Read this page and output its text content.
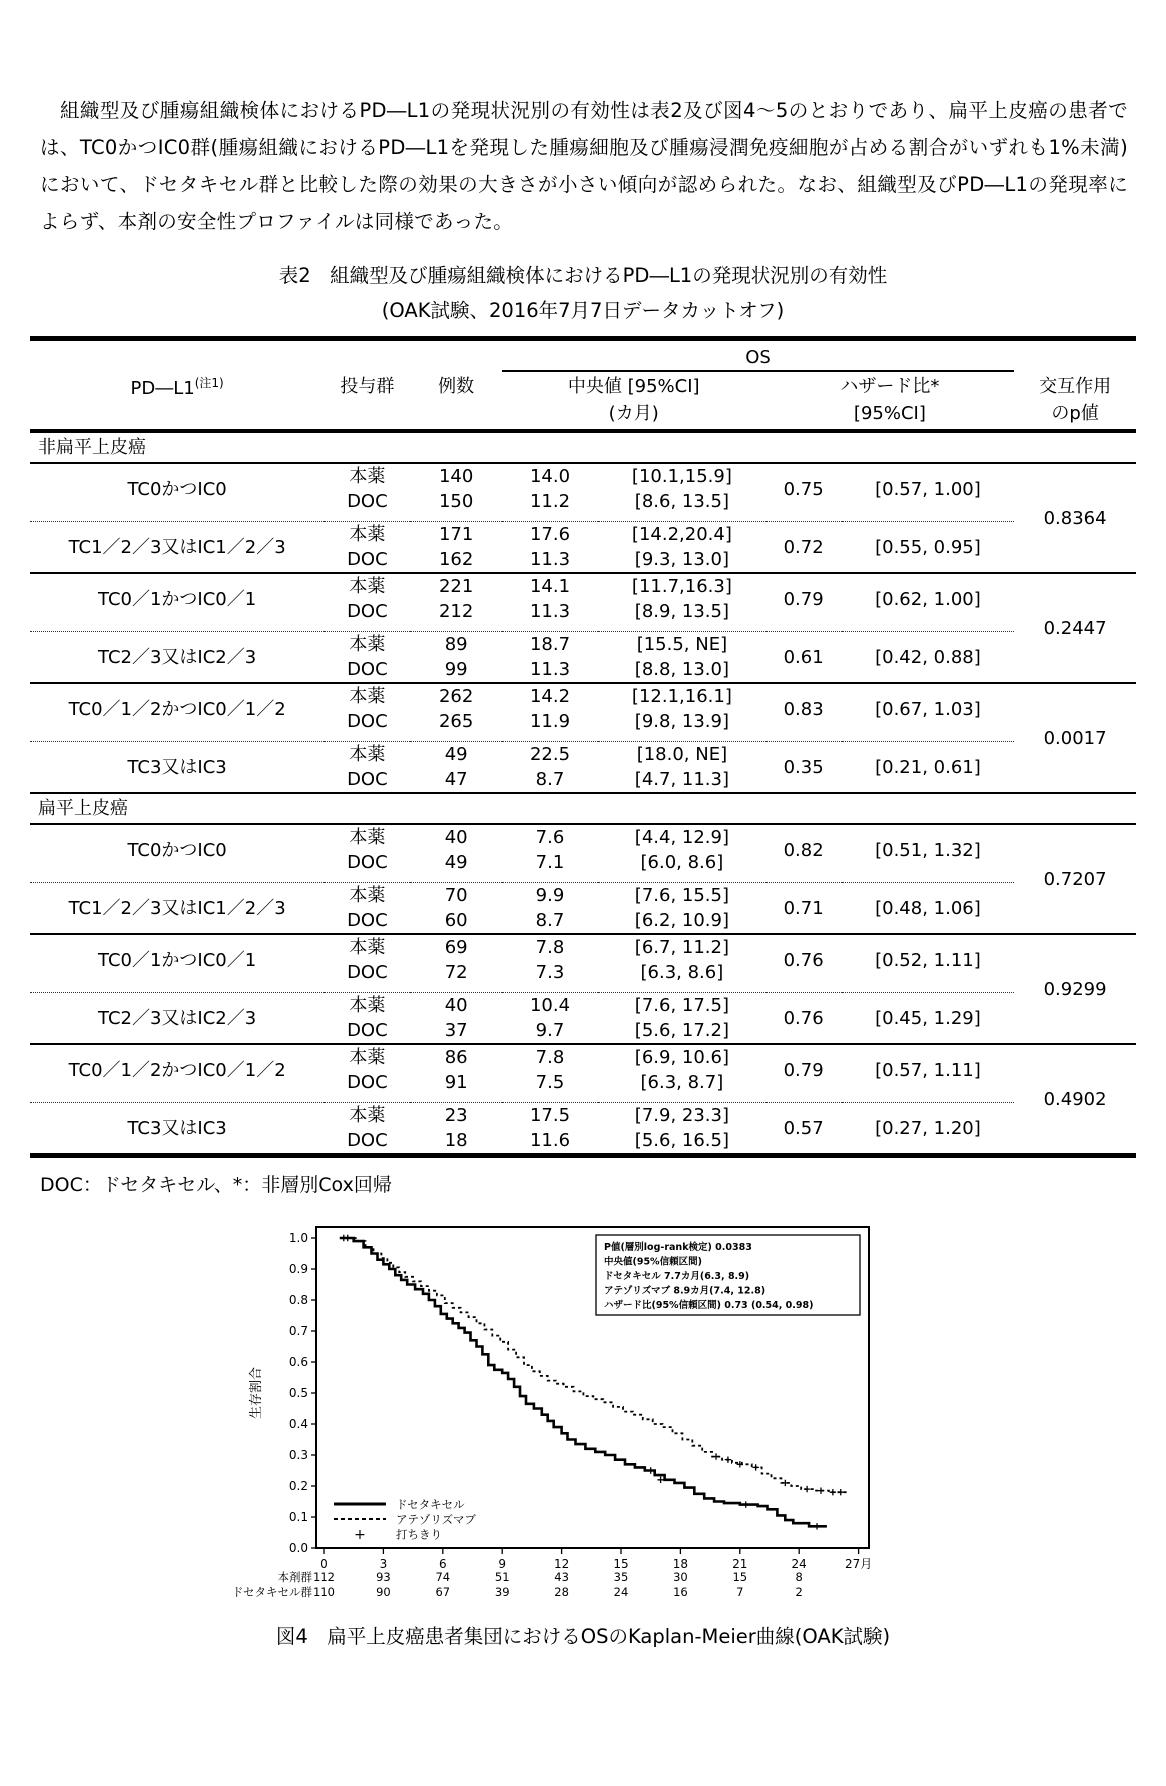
　組織型及び腫瘍組織検体におけるPD―L1の発現状況別の有効性は表2及び図4〜5のとおりであり、扁平上皮癌の患者では、TC0かつIC0群(腫瘍組織におけるPD―L1を発現した腫瘍細胞及び腫瘍浸潤免疫細胞が占める割合がいずれも1%未満)において、ドセタキセル群と比較した際の効果の大きさが小さい傾向が認められた。なお、組織型及びPD―L1の発現率によらず、本剤の安全性プロファイルは同様であった。

表2　組織型及び腫瘍組織検体におけるPD―L1の発現状況別の有効性
(OAK試験、2016年7月7日データカットオフ)
			OS				
$PD―L1^{(注1)}$	投与群	例数	中央値 [95%CI]		ハザード比*		交互作用
			(カ月)		[95%CI]		のp値
非扁平上皮癌							
TC0かつIC0	本薬	140	14.0	[10.1,15.9]	0.75	[0.57, 1.00]	0.8364
	DOC	150	11.2	[8.6, 13.5]			

TC1／2／3又はIC1／2／3	本薬	171	17.6	[14.2,20.4]	0.72	[0.55, 0.95]	
	DOC	162	11.3	[9.3, 13.0]			
TC0／1かつIC0／1	本薬	221	14.1	[11.7,16.3]	0.79	[0.62, 1.00]	0.2447
	DOC	212	11.3	[8.9, 13.5]			

TC2／3又はIC2／3	本薬	89	18.7	[15.5, NE]	0.61	[0.42, 0.88]	
	DOC	99	11.3	[8.8, 13.0]			
TC0／1／2かつIC0／1／2	本薬	262	14.2	[12.1,16.1]	0.83	[0.67, 1.03]	0.0017
	DOC	265	11.9	[9.8, 13.9]			

TC3又はIC3	本薬	49	22.5	[18.0, NE]	0.35	[0.21, 0.61]	
	DOC	47	8.7	[4.7, 11.3]			
扁平上皮癌							
TC0かつIC0	本薬	40	7.6	[4.4, 12.9]	0.82	[0.51, 1.32]	0.7207
	DOC	49	7.1	[6.0, 8.6]			

TC1／2／3又はIC1／2／3	本薬	70	9.9	[7.6, 15.5]	0.71	[0.48, 1.06]	
	DOC	60	8.7	[6.2, 10.9]			
TC0／1かつIC0／1	本薬	69	7.8	[6.7, 11.2]	0.76	[0.52, 1.11]	0.9299
	DOC	72	7.3	[6.3, 8.6]			

TC2／3又はIC2／3	本薬	40	10.4	[7.6, 17.5]	0.76	[0.45, 1.29]	
	DOC	37	9.7	[5.6, 17.2]			
TC0／1／2かつIC0／1／2	本薬	86	7.8	[6.9, 10.6]	0.79	[0.57, 1.11]	0.4902
	DOC	91	7.5	[6.3, 8.7]			

TC3又はIC3	本薬	23	17.5	[7.9, 23.3]	0.57	[0.27, 1.20]	
	DOC	18	11.6	[5.6, 16.5]			
DOC：ドセタキセル、*：非層別Cox回帰
0.0
0.1
0.2
0.3
0.4
0.5
0.6
0.7
0.8
0.9
1.0
生存割合
0	3	6	9	12	15	18	21	24	27月
ドセタキセル
アテゾリズマブ
+	打ちきり
P値(層別log-rank検定) 0.0383
中央値(95%信頼区間)
ドセタキセル 7.7カ月(6.3, 8.9)
アテゾリズマブ 8.9カ月(7.4, 12.8)
ハザード比(95%信頼区間) 0.73 (0.54, 0.98)
本剤群 112	93	74	51	43	35	30	15	8
ドセタキセル群 110	90	67	39	28	24	16	7	2
図4　扁平上皮癌患者集団におけるOSのKaplan-Meier曲線(OAK試験)
